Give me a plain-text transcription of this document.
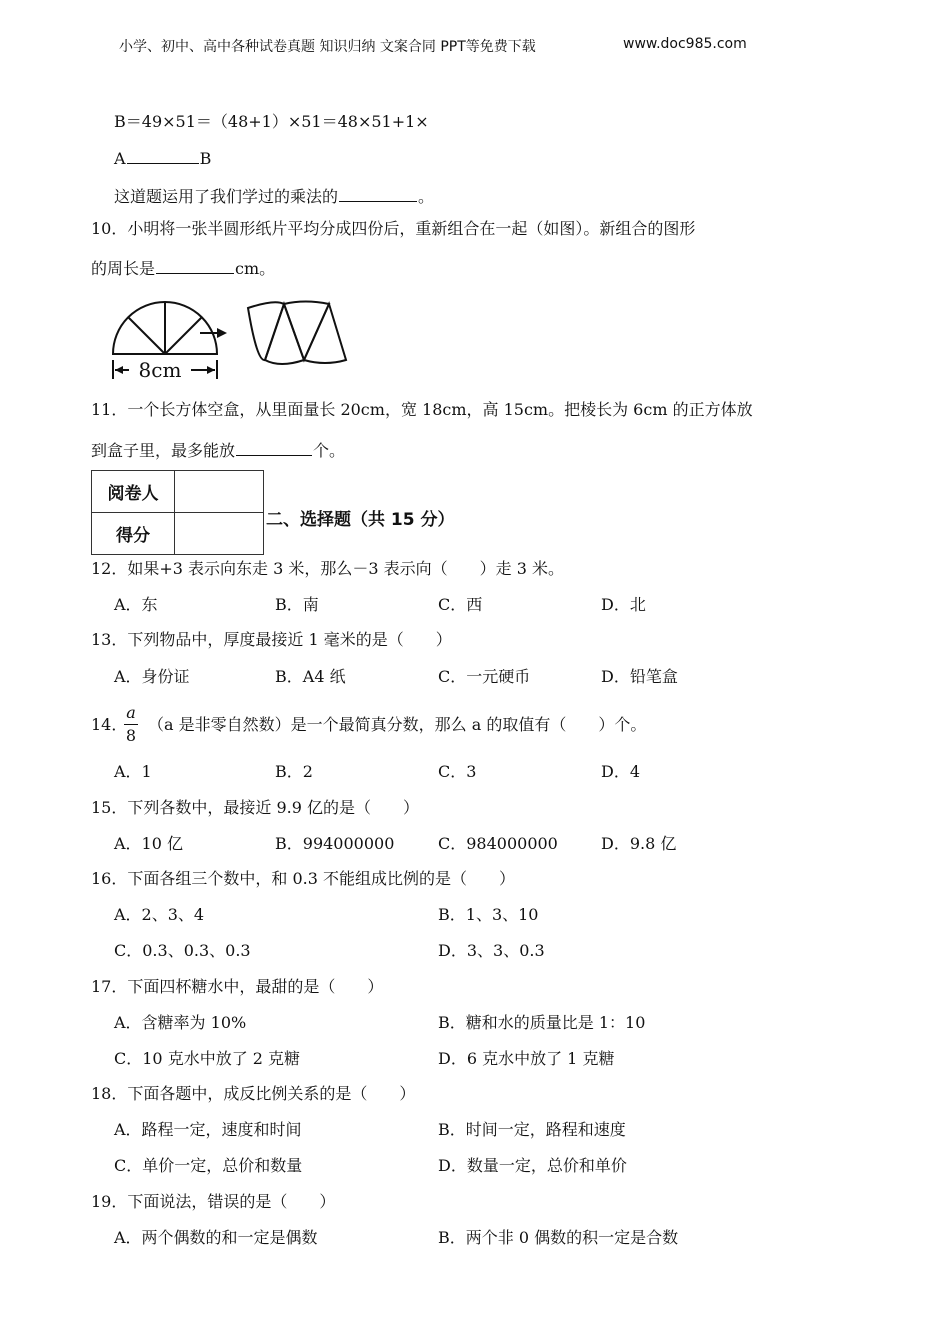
小学、初中、高中各种试卷真题 知识归纳 文案合同 PPT等免费下载	www.doc985.com
B＝49×51＝（48+1）×51＝48×51+1×
A	B
这道题运用了我们学过的乘法的	。
10．小明将一张半圆形纸片平均分成四份后，重新组合在一起（如图）。新组合的图形
的周长是	cm。
8cm
11．一个长方体空盒，从里面量长 20cm，宽 18cm，高 15cm。把棱长为 6cm 的正方体放
到盒子里，最多能放	个。
阅卷人	
得分	
二、选择题（共 15 分）
12．如果+3 表示向东走 3 米，那么－3 表示向（　　）走 3 米。
A．东	B．南	C．西	D．北
13．下列物品中，厚度最接近 1 毫米的是（　　）
A．身份证	B．A4 纸	C．一元硬币	D．铅笔盒
14．
a
8
（a 是非零自然数）是一个最简真分数，那么 a 的取值有（　　）个。
A．1	B．2	C．3	D．4
15．下列各数中，最接近 9.9 亿的是（　　）
A．10 亿	B．994000000	C．984000000	D．9.8 亿
16．下面各组三个数中，和 0.3 不能组成比例的是（　　）
A．2、3、4	B．1、3、10
C．0.3、0.3、0.3	D．3、3、0.3
17．下面四杯糖水中，最甜的是（　　）
A．含糖率为 10%	B．糖和水的质量比是 1：10
C．10 克水中放了 2 克糖	D．6 克水中放了 1 克糖
18．下面各题中，成反比例关系的是（　　）
A．路程一定，速度和时间	B．时间一定，路程和速度
C．单价一定，总价和数量	D．数量一定，总价和单价
19．下面说法，错误的是（　　）
A．两个偶数的和一定是偶数	B．两个非 0 偶数的积一定是合数
